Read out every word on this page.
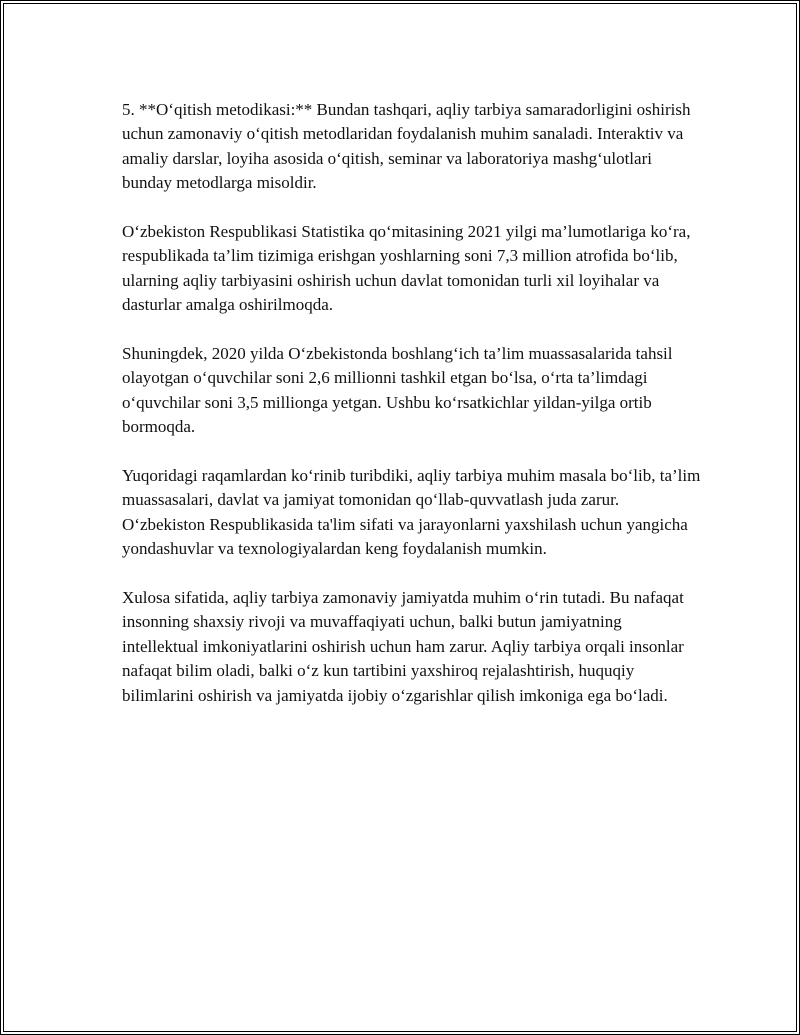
5. **O‘qitish metodikasi:** Bundan tashqari, aqliy tarbiya samaradorligini oshirish uchun zamonaviy o‘qitish metodlaridan foydalanish muhim sanaladi. Interaktiv va amaliy darslar, loyiha asosida o‘qitish, seminar va laboratoriya mashg‘ulotlari bunday metodlarga misoldir.

O‘zbekiston Respublikasi Statistika qo‘mitasining 2021 yilgi ma’lumotlariga ko‘ra, respublikada ta’lim tizimiga erishgan yoshlarning soni 7,3 million atrofida bo‘lib, ularning aqliy tarbiyasini oshirish uchun davlat tomonidan turli xil loyihalar va dasturlar amalga oshirilmoqda.

Shuningdek, 2020 yilda O‘zbekistonda boshlang‘ich ta’lim muassasalarida tahsil olayotgan o‘quvchilar soni 2,6 millionni tashkil etgan bo‘lsa, o‘rta ta’limdagi o‘quvchilar soni 3,5 millionga yetgan. Ushbu ko‘rsatkichlar yildan-yilga ortib bormoqda.

Yuqoridagi raqamlardan ko‘rinib turibdiki, aqliy tarbiya muhim masala bo‘lib, ta’lim muassasalari, davlat va jamiyat tomonidan qo‘llab-quvvatlash juda zarur. O‘zbekiston Respublikasida ta'lim sifati va jarayonlarni yaxshilash uchun yangicha yondashuvlar va texnologiyalardan keng foydalanish mumkin.

Xulosa sifatida, aqliy tarbiya zamonaviy jamiyatda muhim o‘rin tutadi. Bu nafaqat insonning shaxsiy rivoji va muvaffaqiyati uchun, balki butun jamiyatning intellektual imkoniyatlarini oshirish uchun ham zarur. Aqliy tarbiya orqali insonlar nafaqat bilim oladi, balki o‘z kun tartibini yaxshiroq rejalashtirish, huquqiy bilimlarini oshirish va jamiyatda ijobiy o‘zgarishlar qilish imkoniga ega bo‘ladi.
